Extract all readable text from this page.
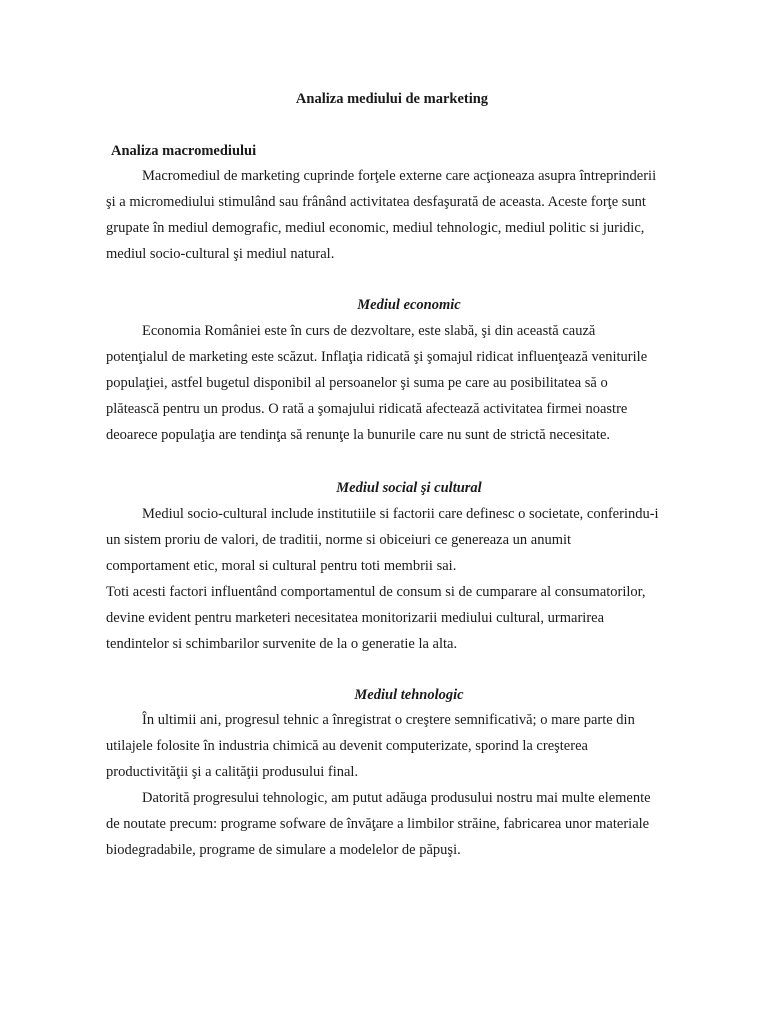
Analiza mediului de marketing
Analiza macromediului
Macromediul de marketing cuprinde forţele externe care acţioneaza asupra întreprinderii
şi a micromediului stimulând sau frânând activitatea desfaşurată de aceasta. Aceste forţe sunt
grupate în mediul demografic, mediul economic, mediul tehnologic, mediul politic si juridic,
mediul socio-cultural şi mediul natural.
Mediul economic
Economia României este în curs de dezvoltare, este slabă, şi din această cauză
potenţialul de marketing este scăzut. Inflaţia ridicată şi şomajul ridicat influenţează veniturile
populaţiei, astfel bugetul disponibil al persoanelor şi suma pe care au posibilitatea să o
plătească pentru un produs. O rată a şomajului ridicată afectează activitatea firmei noastre
deoarece populaţia are tendinţa să renunţe la bunurile care nu sunt de strictă necesitate.
Mediul social şi cultural
Mediul socio-cultural include institutiile si factorii care definesc o societate, conferindu-i
un sistem proriu de valori, de traditii, norme si obiceiuri ce genereaza un anumit
comportament etic, moral si cultural pentru toti membrii sai.
Toti acesti factori influentând comportamentul de consum si de cumparare al consumatorilor,
devine evident pentru marketeri necesitatea monitorizarii mediului cultural, urmarirea
tendintelor si schimbarilor survenite de la o generatie la alta.
Mediul tehnologic
În ultimii ani, progresul tehnic a înregistrat o creştere semnificativă; o mare parte din
utilajele folosite în industria chimică au devenit computerizate, sporind la creşterea
productivităţii şi a calităţii produsului final.
Datorită progresului tehnologic, am putut adăuga produsului nostru mai multe elemente
de noutate precum: programe sofware de învăţare a limbilor străine, fabricarea unor materiale
biodegradabile, programe de simulare a modelelor de păpuşi.
